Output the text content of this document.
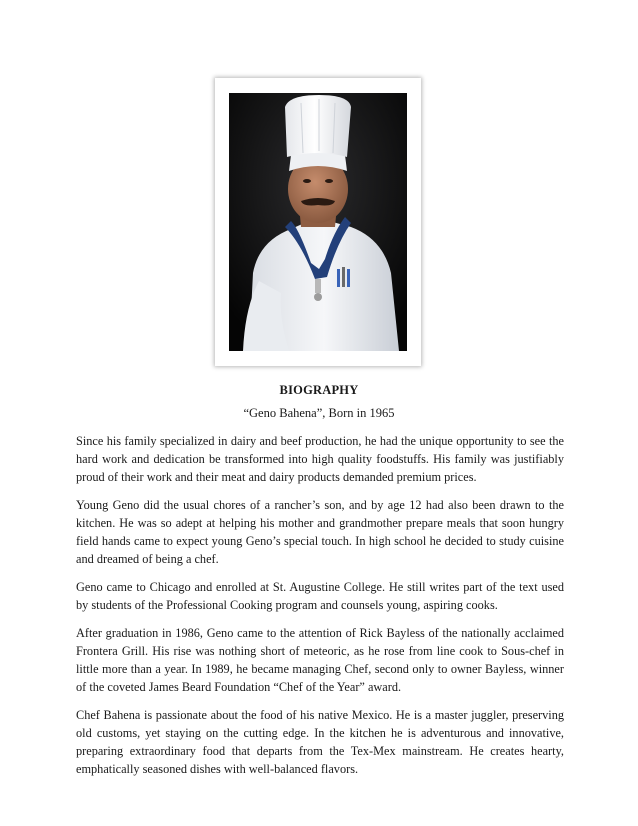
BIOGRAPHY
“Geno Bahena”, Born in 1965

Since his family specialized in dairy and beef production, he had the unique opportunity to see the hard work and dedication be transformed into high quality foodstuffs. His family was justifiably proud of their work and their meat and dairy products demanded premium prices.

Young Geno did the usual chores of a rancher’s son, and by age 12 had also been drawn to the kitchen. He was so adept at helping his mother and grandmother prepare meals that soon hungry field hands came to expect young Geno’s special touch. In high school he decided to study cuisine and dreamed of being a chef.

Geno came to Chicago and enrolled at St. Augustine College. He still writes part of the text used by students of the Professional Cooking program and counsels young, aspiring cooks.

After graduation in 1986, Geno came to the attention of Rick Bayless of the nationally acclaimed Frontera Grill. His rise was nothing short of meteoric, as he rose from line cook to Sous-chef in little more than a year. In 1989, he became managing Chef, second only to owner Bayless, winner of the coveted James Beard Foundation “Chef of the Year” award.

Chef Bahena is passionate about the food of his native Mexico. He is a master juggler, preserving old customs, yet staying on the cutting edge. In the kitchen he is adventurous and innovative, preparing extraordinary food that departs from the Tex-Mex mainstream. He creates hearty, emphatically seasoned dishes with well-balanced flavors.
